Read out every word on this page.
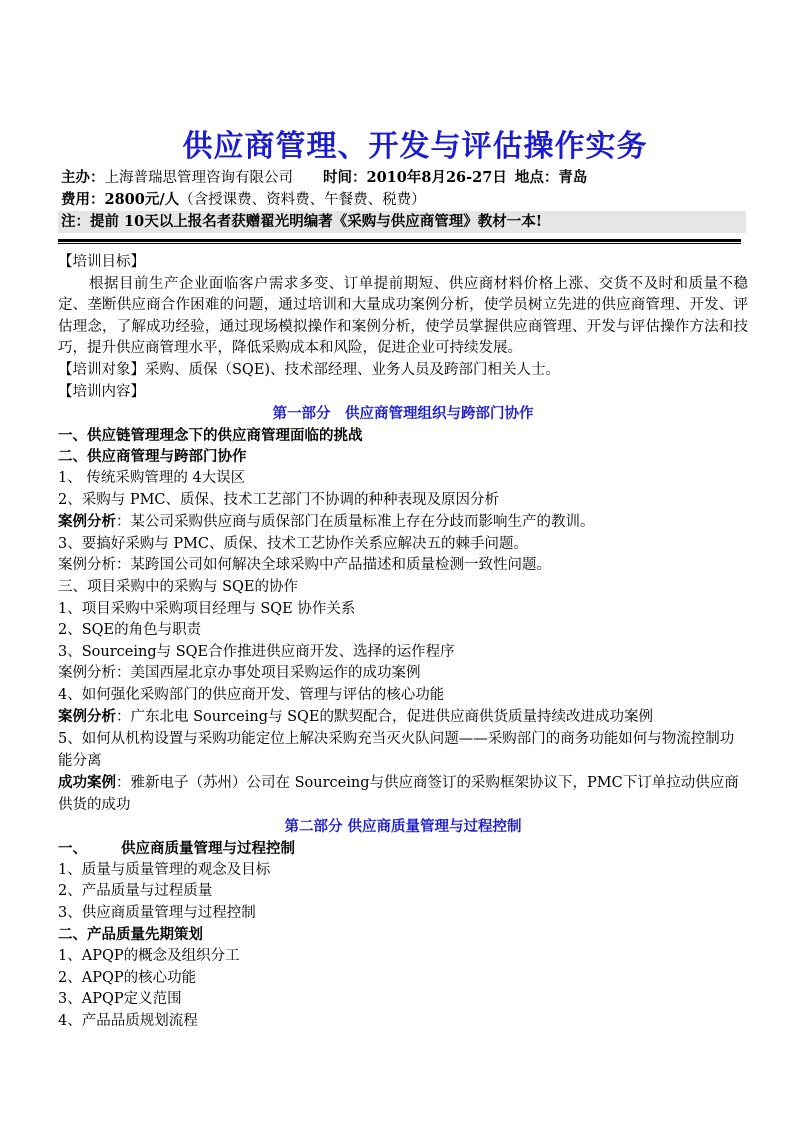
供应商管理、开发与评估操作实务
主办：上海普瑞思管理咨询有限公司 时间：2010年8月26-27日 地点：青岛
费用：2800元/人（含授课费、资料费、午餐费、税费）
注：提前 10天以上报名者获赠翟光明编著《采购与供应商管理》教材一本!

【培训目标】

根据目前生产企业面临客户需求多变、订单提前期短、供应商材料价格上涨、交货不及时和质量不稳定、垄断供应商合作困难的问题，通过培训和大量成功案例分析，使学员树立先进的供应商管理、开发、评估理念，了解成功经验，通过现场模拟操作和案例分析，使学员掌握供应商管理、开发与评估操作方法和技巧，提升供应商管理水平，降低采购成本和风险，促进企业可持续发展。

【培训对象】采购、质保（SQE)、技术部经理、业务人员及跨部门相关人士。

【培训内容】

第一部分　供应商管理组织与跨部门协作

一、供应链管理理念下的供应商管理面临的挑战

二、供应商管理与跨部门协作

1、 传统采购管理的 4大误区

2、采购与 PMC、质保、技术工艺部门不协调的种种表现及原因分析

案例分析：某公司采购供应商与质保部门在质量标准上存在分歧而影响生产的教训。

3、要搞好采购与 PMC、质保、技术工艺协作关系应解决五的棘手问题。

案例分析：某跨国公司如何解决全球采购中产品描述和质量检测一致性问题。

三、项目采购中的采购与 SQE的协作

1、项目采购中采购项目经理与 SQE 协作关系

2、SQE的角色与职责

3、Sourceing与 SQE合作推进供应商开发、选择的运作程序

案例分析：美国西屋北京办事处项目采购运作的成功案例

4、如何强化采购部门的供应商开发、管理与评估的核心功能

案例分析：广东北电 Sourceing与 SQE的默契配合，促进供应商供货质量持续改进成功案例

5、如何从机构设置与采购功能定位上解决采购充当灭火队问题——采购部门的商务功能如何与物流控制功能分离

成功案例：雅新电子（苏州）公司在 Sourceing与供应商签订的采购框架协议下，PMC下订单拉动供应商供货的成功

第二部分 供应商质量管理与过程控制

一、 供应商质量管理与过程控制

1、质量与质量管理的观念及目标

2、产品质量与过程质量

3、供应商质量管理与过程控制

二、产品质量先期策划

1、APQP的概念及组织分工

2、APQP的核心功能

3、APQP定义范围

4、产品品质规划流程
